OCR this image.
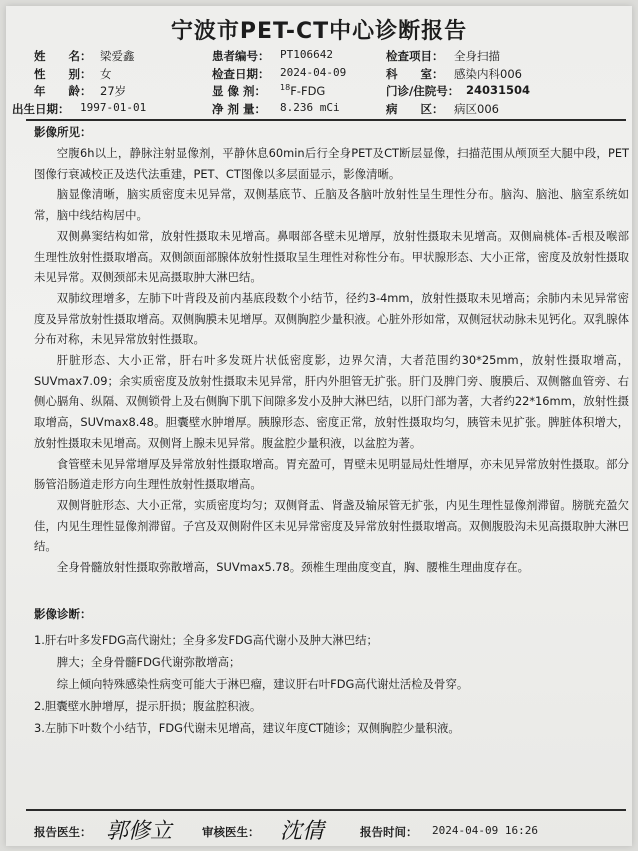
宁波市PET-CT中心诊断报告
姓　　名： 梁爱鑫	患者编号： PT106642	检查项目： 全身扫描
性　　别： 女	检查日期： 2024-04-09	科　　室： 感染内科006
年　　龄： 27岁	显 像 剂： $^{18}$F-FDG	门诊/住院号： 24031504
出生日期： 1997-01-01	净 剂 量： 8.236 mCi	病　　区： 病区006
影像所见：

空腹6h以上，静脉注射显像剂，平静休息60min后行全身PET及CT断层显像，扫描范围从颅顶至大腿中段，PET图像行衰减校正及迭代法重建，PET、CT图像以多层面显示，影像清晰。

脑显像清晰，脑实质密度未见异常，双侧基底节、丘脑及各脑叶放射性呈生理性分布。脑沟、脑池、脑室系统如常，脑中线结构居中。

双侧鼻窦结构如常，放射性摄取未见增高。鼻咽部各壁未见增厚，放射性摄取未见增高。双侧扁桃体-舌根及喉部生理性放射性摄取增高。双侧颌面部腺体放射性摄取呈生理性对称性分布。甲状腺形态、大小正常，密度及放射性摄取未见异常。双侧颈部未见高摄取肿大淋巴结。

双肺纹理增多，左肺下叶背段及前内基底段数个小结节，径约3-4mm，放射性摄取未见增高；余肺内未见异常密度及异常放射性摄取增高。双侧胸膜未见增厚。双侧胸腔少量积液。心脏外形如常，双侧冠状动脉未见钙化。双乳腺体分布对称，未见异常放射性摄取。

肝脏形态、大小正常，肝右叶多发斑片状低密度影，边界欠清，大者范围约30*25mm，放射性摄取增高，SUVmax7.09；余实质密度及放射性摄取未见异常，肝内外胆管无扩张。肝门及脾门旁、腹膜后、双侧髂血管旁、右侧心膈角、纵隔、双侧锁骨上及右侧胸下肌下间隙多发小及肿大淋巴结，以肝门部为著，大者约22*16mm，放射性摄取增高，SUVmax8.48。胆囊壁水肿增厚。胰腺形态、密度正常，放射性摄取均匀，胰管未见扩张。脾脏体积增大，放射性摄取未见增高。双侧肾上腺未见异常。腹盆腔少量积液，以盆腔为著。

食管壁未见异常增厚及异常放射性摄取增高。胃充盈可，胃壁未见明显局灶性增厚，亦未见异常放射性摄取。部分肠管沿肠道走形方向生理性放射性摄取增高。

双侧肾脏形态、大小正常，实质密度均匀；双侧肾盂、肾盏及输尿管无扩张，内见生理性显像剂滞留。膀胱充盈欠佳，内见生理性显像剂滞留。子宫及双侧附件区未见异常密度及异常放射性摄取增高。双侧腹股沟未见高摄取肿大淋巴结。

全身骨髓放射性摄取弥散增高，SUVmax5.78。颈椎生理曲度变直，胸、腰椎生理曲度存在。

影像诊断：

1.肝右叶多发FDG高代谢灶；全身多发FDG高代谢小及肿大淋巴结；

脾大；全身骨髓FDG代谢弥散增高；

综上倾向特殊感染性病变可能大于淋巴瘤，建议肝右叶FDG高代谢灶活检及骨穿。

2.胆囊壁水肿增厚，提示肝损；腹盆腔积液。

3.左肺下叶数个小结节，FDG代谢未见增高，建议年度CT随诊；双侧胸腔少量积液。

报告医生： 郭修立	审核医生： 沈倩	报告时间： 2024-04-09 16:26
